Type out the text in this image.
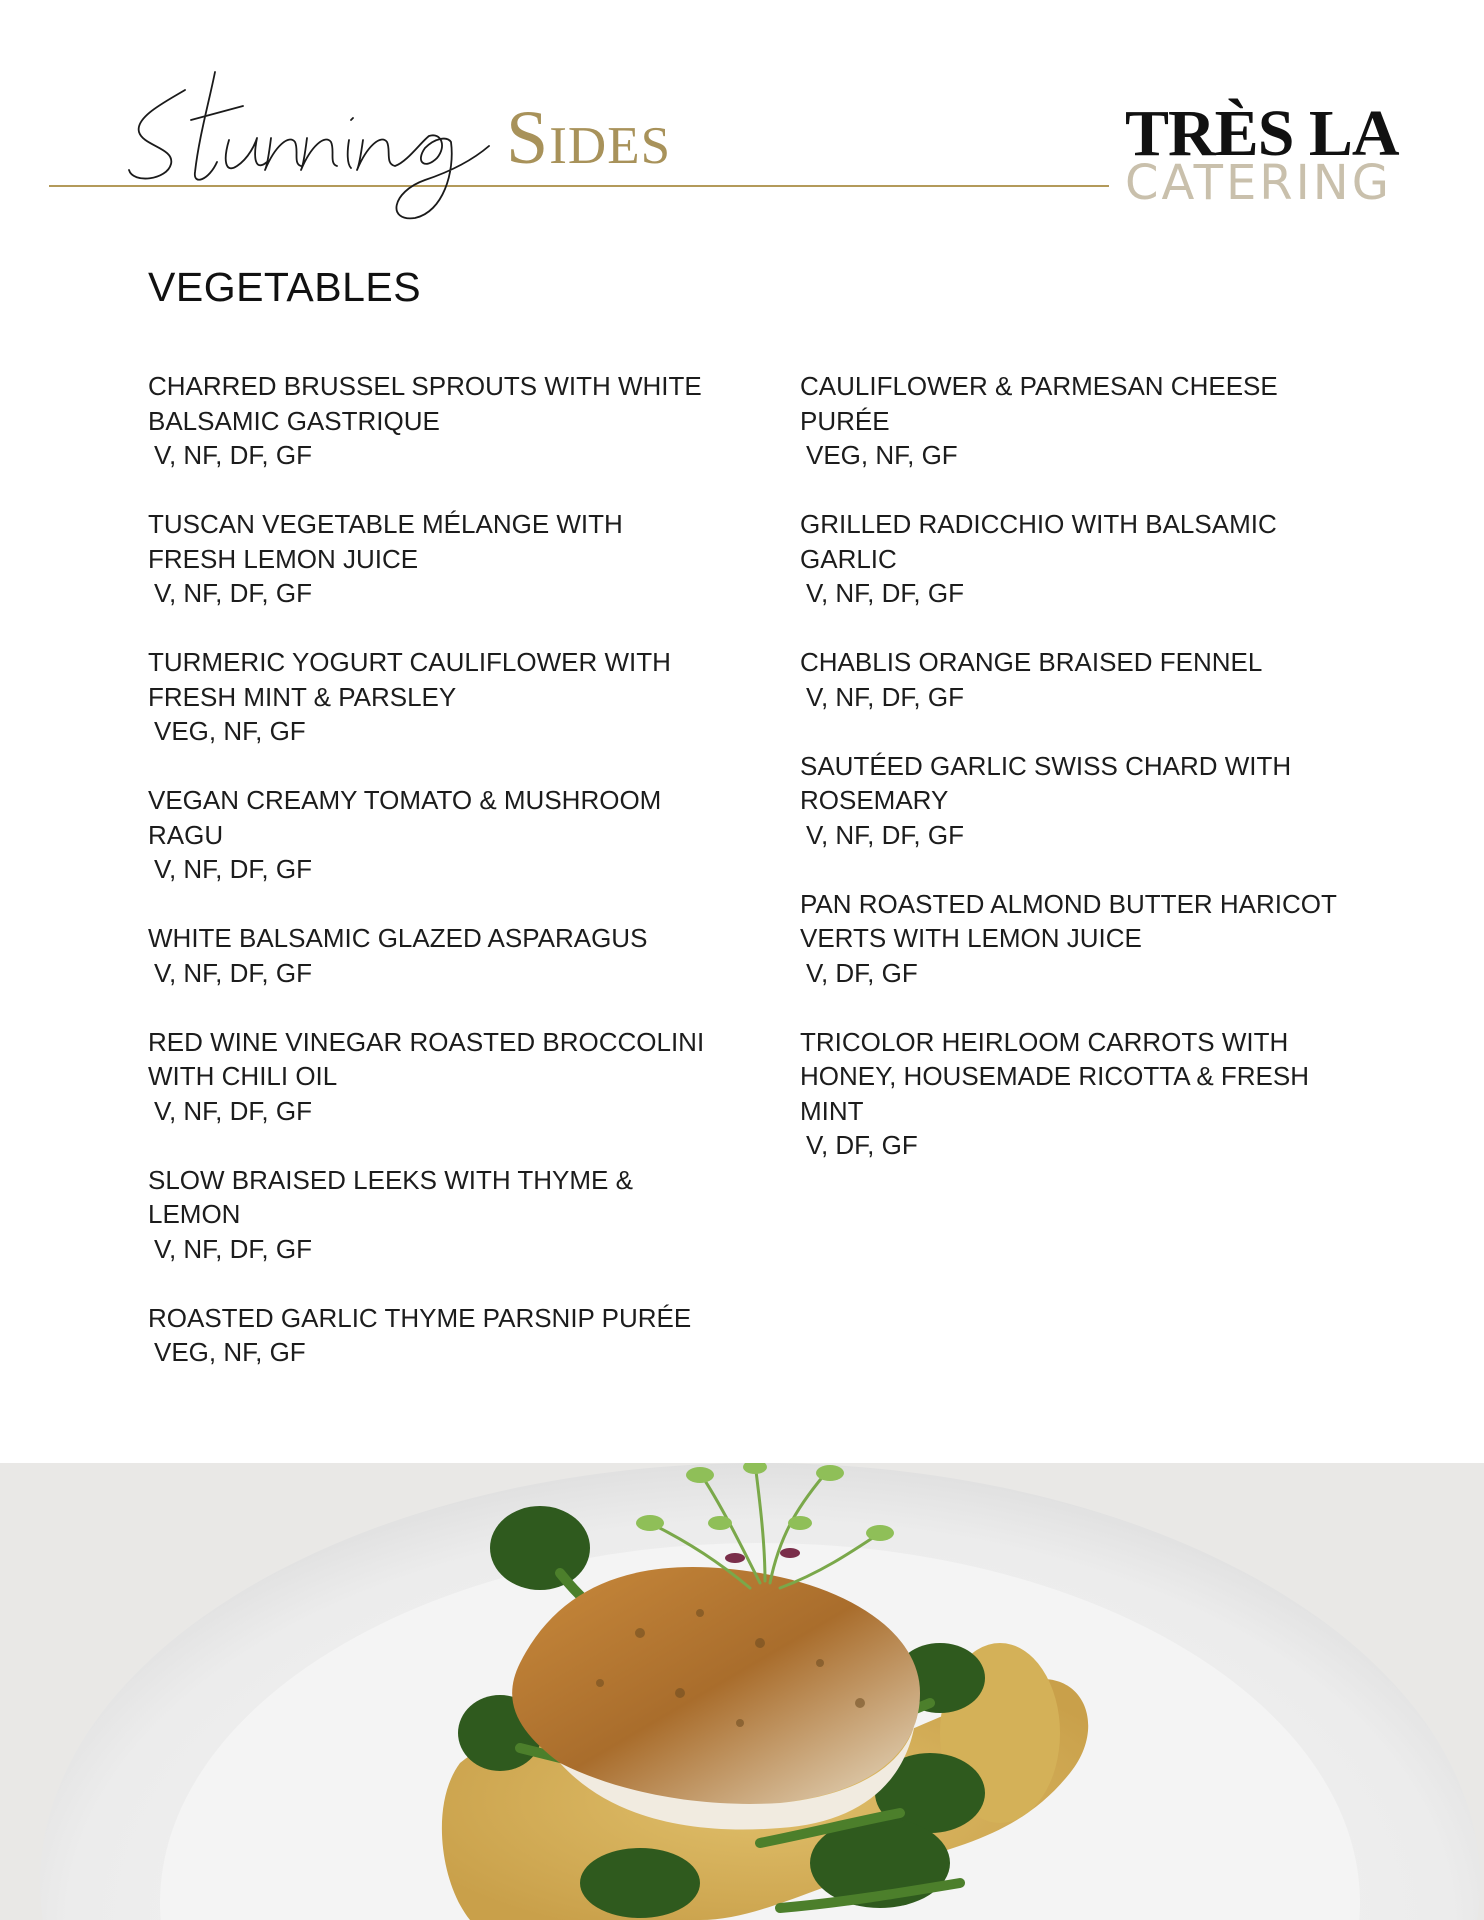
Sides	TRÈS LA
CATERING
VEGETABLES
CHARRED BRUSSEL SPROUTS WITH WHITE BALSAMIC GASTRIQUE
V, NF, DF, GF
TUSCAN VEGETABLE MÉLANGE WITH FRESH LEMON JUICE
V, NF, DF, GF
TURMERIC YOGURT CAULIFLOWER WITH FRESH MINT & PARSLEY
VEG, NF, GF
VEGAN CREAMY TOMATO & MUSHROOM RAGU
V, NF, DF, GF
WHITE BALSAMIC GLAZED ASPARAGUS
V, NF, DF, GF
RED WINE VINEGAR ROASTED BROCCOLINI WITH CHILI OIL
V, NF, DF, GF
SLOW BRAISED LEEKS WITH THYME & LEMON
V, NF, DF, GF
ROASTED GARLIC THYME PARSNIP PURÉE
VEG, NF, GF
CAULIFLOWER & PARMESAN CHEESE PURÉE
VEG, NF, GF
GRILLED RADICCHIO WITH BALSAMIC GARLIC
V, NF, DF, GF
CHABLIS ORANGE BRAISED FENNEL
V, NF, DF, GF
SAUTÉED GARLIC SWISS CHARD WITH ROSEMARY
V, NF, DF, GF
PAN ROASTED ALMOND BUTTER HARICOT VERTS WITH LEMON JUICE
V, DF, GF
TRICOLOR HEIRLOOM CARROTS WITH HONEY, HOUSEMADE RICOTTA & FRESH MINT
V, DF, GF
